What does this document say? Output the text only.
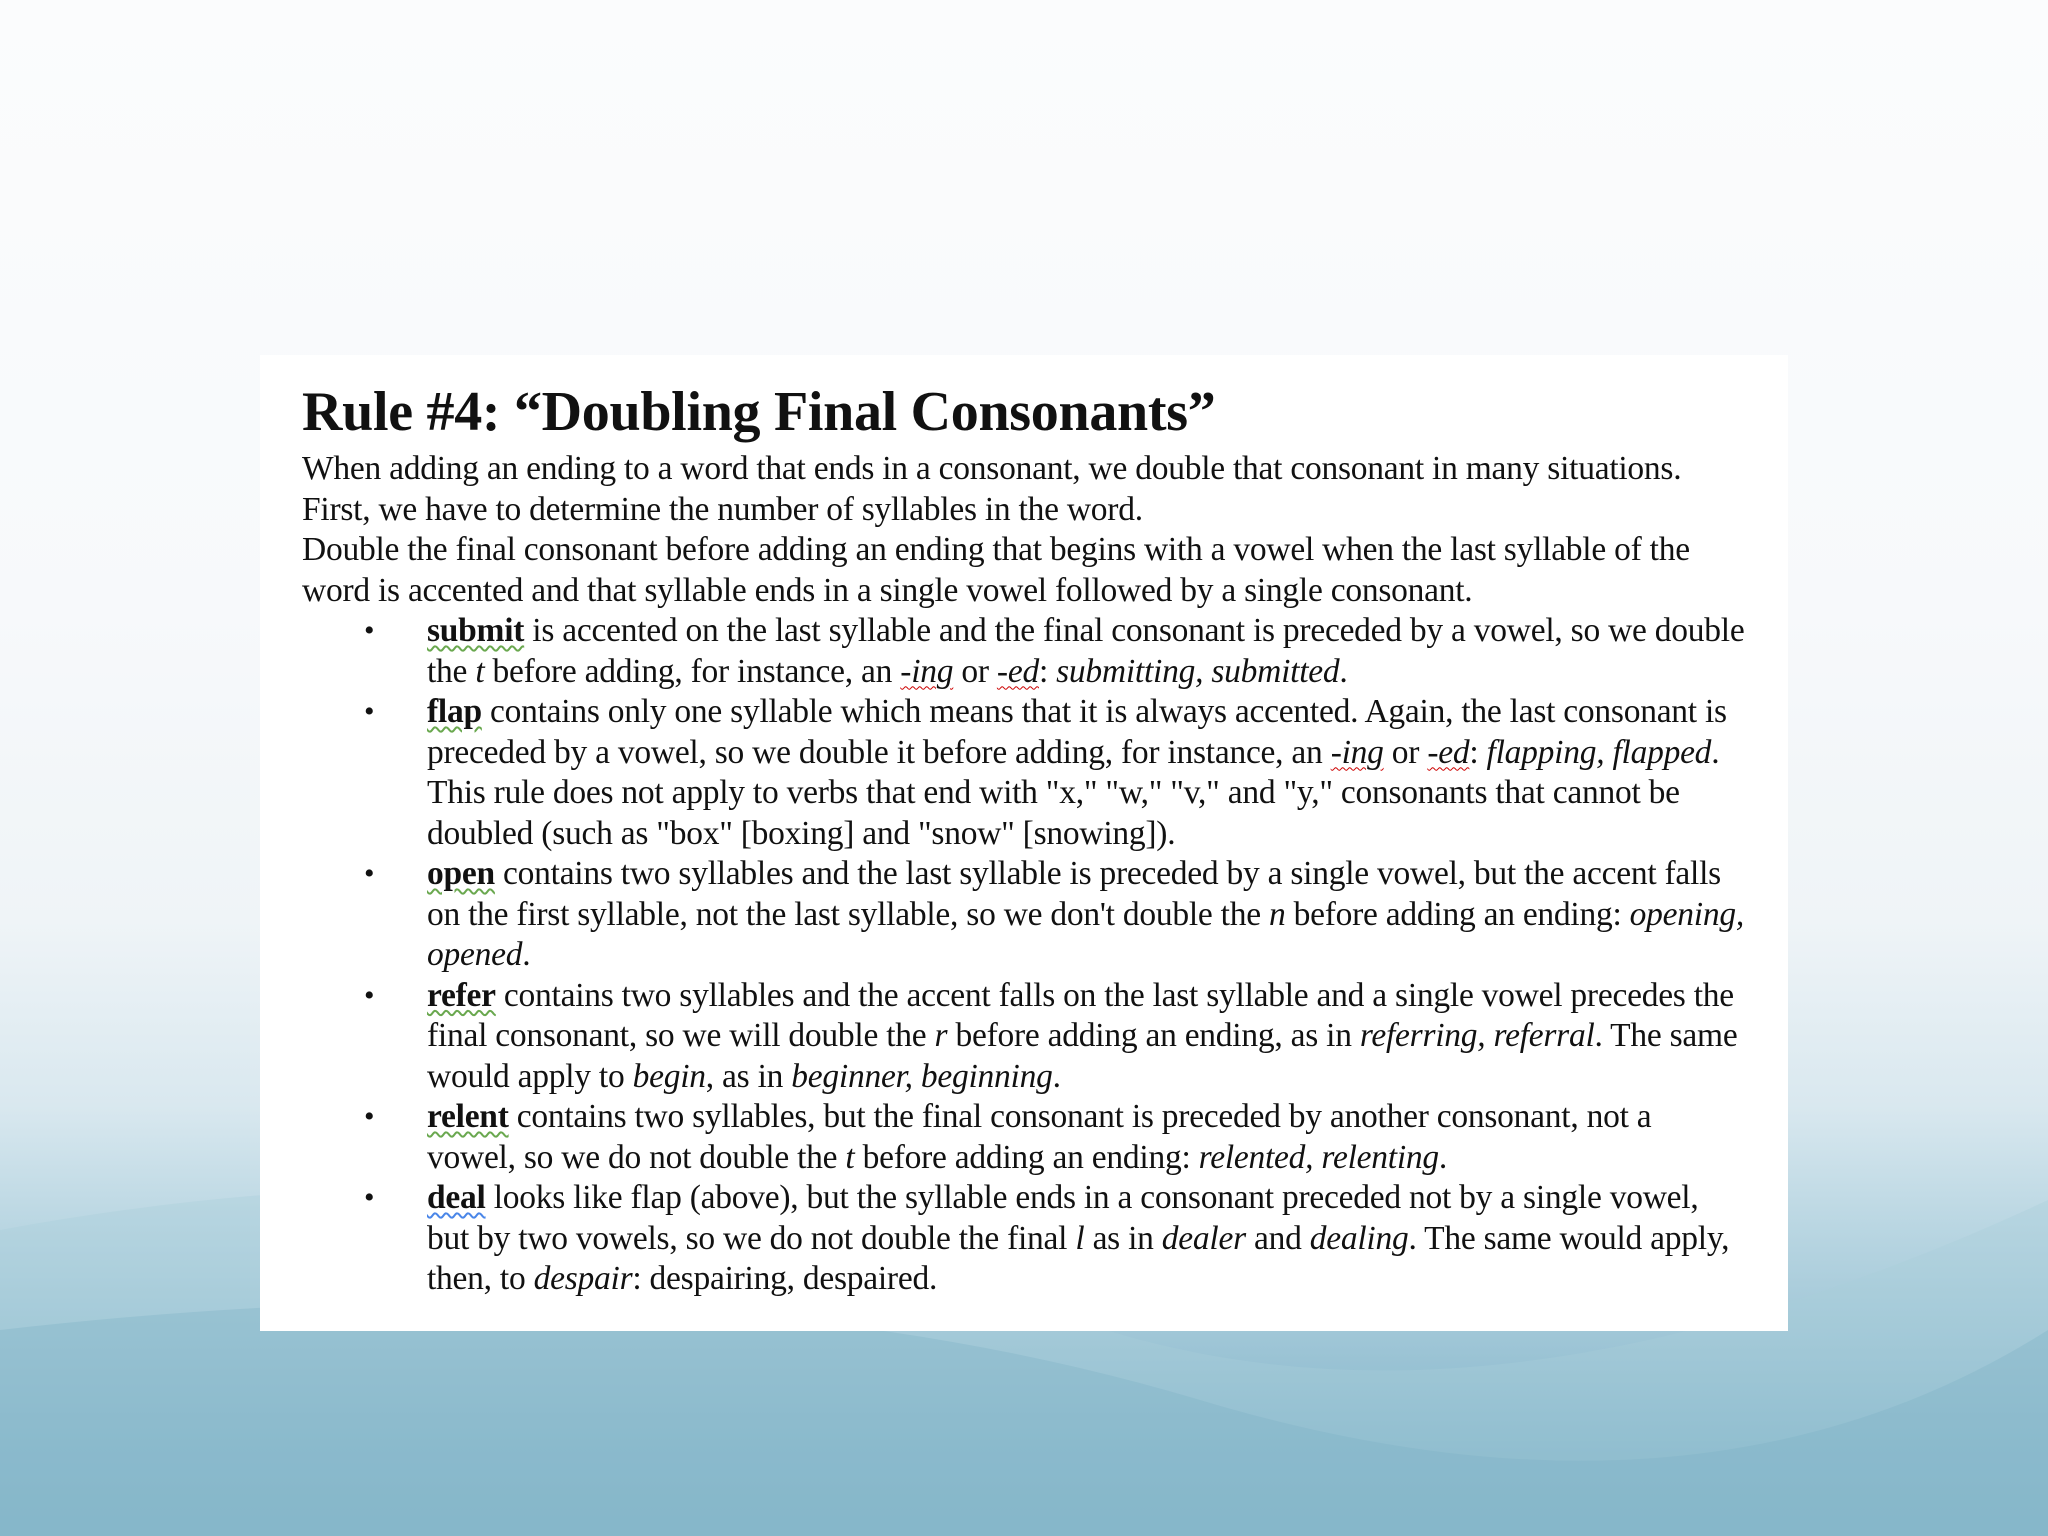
Rule #4: “Doubling Final Consonants”

When adding an ending to a word that ends in a consonant, we double that consonant in many situations. First, we have to determine the number of syllables in the word.

Double the final consonant before adding an ending that begins with a vowel when the last syllable of the word is accented and that syllable ends in a single vowel followed by a single consonant.

• submit is accented on the last syllable and the final consonant is preceded by a vowel, so we double the t before adding, for instance, an -ing or -ed: submitting, submitted.
• flap contains only one syllable which means that it is always accented. Again, the last consonant is preceded by a vowel, so we double it before adding, for instance, an -ing or -ed: flapping, flapped. This rule does not apply to verbs that end with "x," "w," "v," and "y," consonants that cannot be doubled (such as "box" [boxing] and "snow" [snowing]).
• open contains two syllables and the last syllable is preceded by a single vowel, but the accent falls on the first syllable, not the last syllable, so we don't double the n before adding an ending: opening, opened.
• refer contains two syllables and the accent falls on the last syllable and a single vowel precedes the final consonant, so we will double the r before adding an ending, as in referring, referral. The same would apply to begin, as in beginner, beginning.
• relent contains two syllables, but the final consonant is preceded by another consonant, not a vowel, so we do not double the t before adding an ending: relented, relenting.
• deal looks like flap (above), but the syllable ends in a consonant preceded not by a single vowel, but by two vowels, so we do not double the final l as in dealer and dealing. The same would apply, then, to despair: despairing, despaired.
